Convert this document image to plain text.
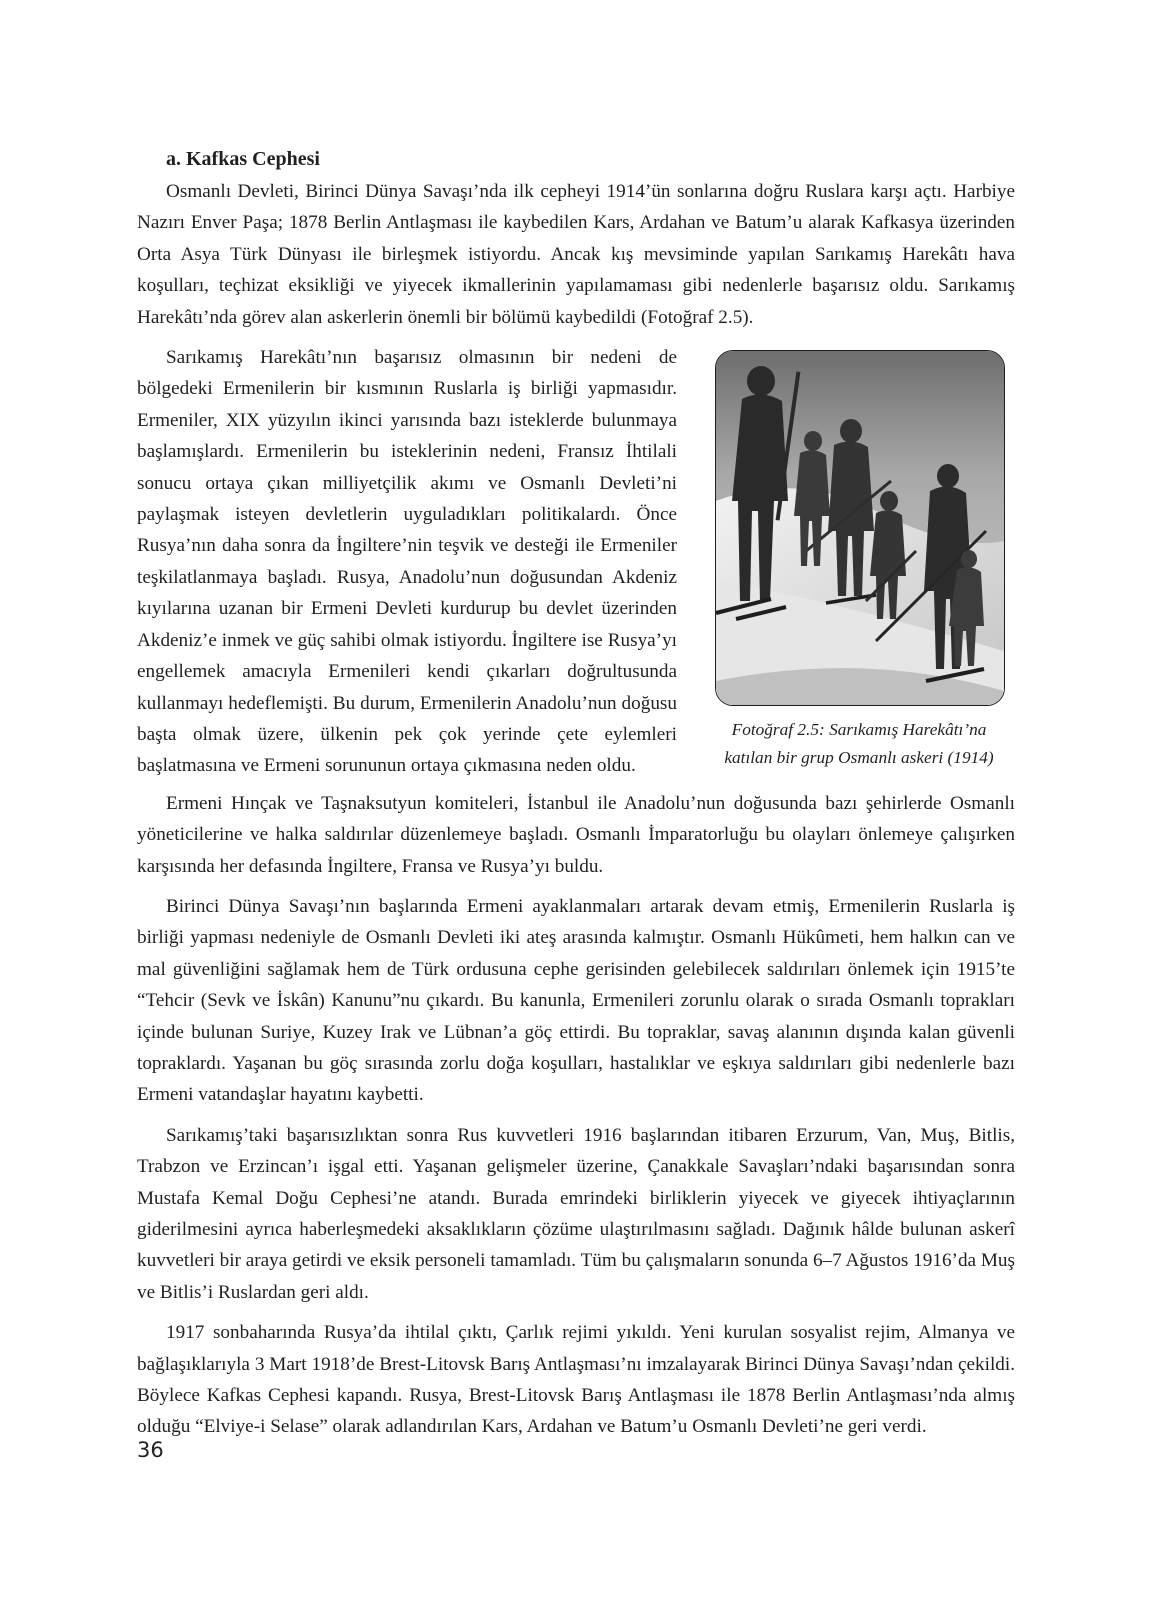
a. Kafkas Cephesi

Osmanlı Devleti, Birinci Dünya Savaşı’nda ilk cepheyi 1914’ün sonlarına doğru Ruslara karşı açtı. Harbiye Nazırı Enver Paşa; 1878 Berlin Antlaşması ile kaybedilen Kars, Ardahan ve Batum’u alarak Kafkasya üzerinden Orta Asya Türk Dünyası ile birleşmek istiyordu. Ancak kış mevsiminde yapılan Sarıkamış Harekâtı hava koşulları, teçhizat eksikliği ve yiyecek ikmallerinin yapılamaması gibi nedenlerle başarısız oldu. Sarıkamış Harekâtı’nda görev alan askerlerin önemli bir bölümü kaybedildi (Fotoğraf 2.5).

Sarıkamış Harekâtı’nın başarısız olmasının bir nedeni de bölgedeki Ermenilerin bir kısmının Ruslarla iş birliği yapmasıdır. Ermeniler, XIX yüzyılın ikinci yarısında bazı isteklerde bulunmaya başlamışlardı. Ermenilerin bu isteklerinin nedeni, Fransız İhtilali sonucu ortaya çıkan milliyetçilik akımı ve Osmanlı Devleti’ni paylaşmak isteyen devletlerin uyguladıkları politikalardı. Önce Rusya’nın daha sonra da İngiltere’nin teşvik ve desteği ile Ermeniler teşkilatlanmaya başladı. Rusya, Anadolu’nun doğusundan Akdeniz kıyılarına uzanan bir Ermeni Devleti kurdurup bu devlet üzerinden Akdeniz’e inmek ve güç sahibi olmak istiyordu. İngiltere ise Rusya’yı engellemek amacıyla Ermenileri kendi çıkarları doğrultusunda kullanmayı hedeflemişti. Bu durum, Ermenilerin Anadolu’nun doğusu başta olmak üzere, ülkenin pek çok yerinde çete eylemleri başlatmasına ve Ermeni sorununun ortaya çıkmasına neden oldu.

Fotoğraf 2.5: Sarıkamış Harekâtı’na
katılan bir grup Osmanlı askeri (1914)

Ermeni Hınçak ve Taşnaksutyun komiteleri, İstanbul ile Anadolu’nun doğusunda bazı şehirlerde Osmanlı yöneticilerine ve halka saldırılar düzenlemeye başladı. Osmanlı İmparatorluğu bu olayları önlemeye çalışırken karşısında her defasında İngiltere, Fransa ve Rusya’yı buldu.

Birinci Dünya Savaşı’nın başlarında Ermeni ayaklanmaları artarak devam etmiş, Ermenilerin Ruslarla iş birliği yapması nedeniyle de Osmanlı Devleti iki ateş arasında kalmıştır. Osmanlı Hükûmeti, hem halkın can ve mal güvenliğini sağlamak hem de Türk ordusuna cephe gerisinden gelebilecek saldırıları önlemek için 1915’te “Tehcir (Sevk ve İskân) Kanunu”nu çıkardı. Bu kanunla, Ermenileri zorunlu olarak o sırada Osmanlı toprakları içinde bulunan Suriye, Kuzey Irak ve Lübnan’a göç ettirdi. Bu topraklar, savaş alanının dışında kalan güvenli topraklardı. Yaşanan bu göç sırasında zorlu doğa koşulları, hastalıklar ve eşkıya saldırıları gibi nedenlerle bazı Ermeni vatandaşlar hayatını kaybetti.

Sarıkamış’taki başarısızlıktan sonra Rus kuvvetleri 1916 başlarından itibaren Erzurum, Van, Muş, Bitlis, Trabzon ve Erzincan’ı işgal etti. Yaşanan gelişmeler üzerine, Çanakkale Savaşları’ndaki başarısından sonra Mustafa Kemal Doğu Cephesi’ne atandı. Burada emrindeki birliklerin yiyecek ve giyecek ihtiyaçlarının giderilmesini ayrıca haberleşmedeki aksaklıkların çözüme ulaştırılmasını sağladı. Dağınık hâlde bulunan askerî kuvvetleri bir araya getirdi ve eksik personeli tamamladı. Tüm bu çalışmaların sonunda 6–7 Ağustos 1916’da Muş ve Bitlis’i Ruslardan geri aldı.

1917 sonbaharında Rusya’da ihtilal çıktı, Çarlık rejimi yıkıldı. Yeni kurulan sosyalist rejim, Almanya ve bağlaşıklarıyla 3 Mart 1918’de Brest-Litovsk Barış Antlaşması’nı imzalayarak Birinci Dünya Savaşı’ndan çekildi. Böylece Kafkas Cephesi kapandı. Rusya, Brest-Litovsk Barış Antlaşması ile 1878 Berlin Antlaşması’nda almış olduğu “Elviye-i Selase” olarak adlandırılan Kars, Ardahan ve Batum’u Osmanlı Devleti’ne geri verdi.

36
